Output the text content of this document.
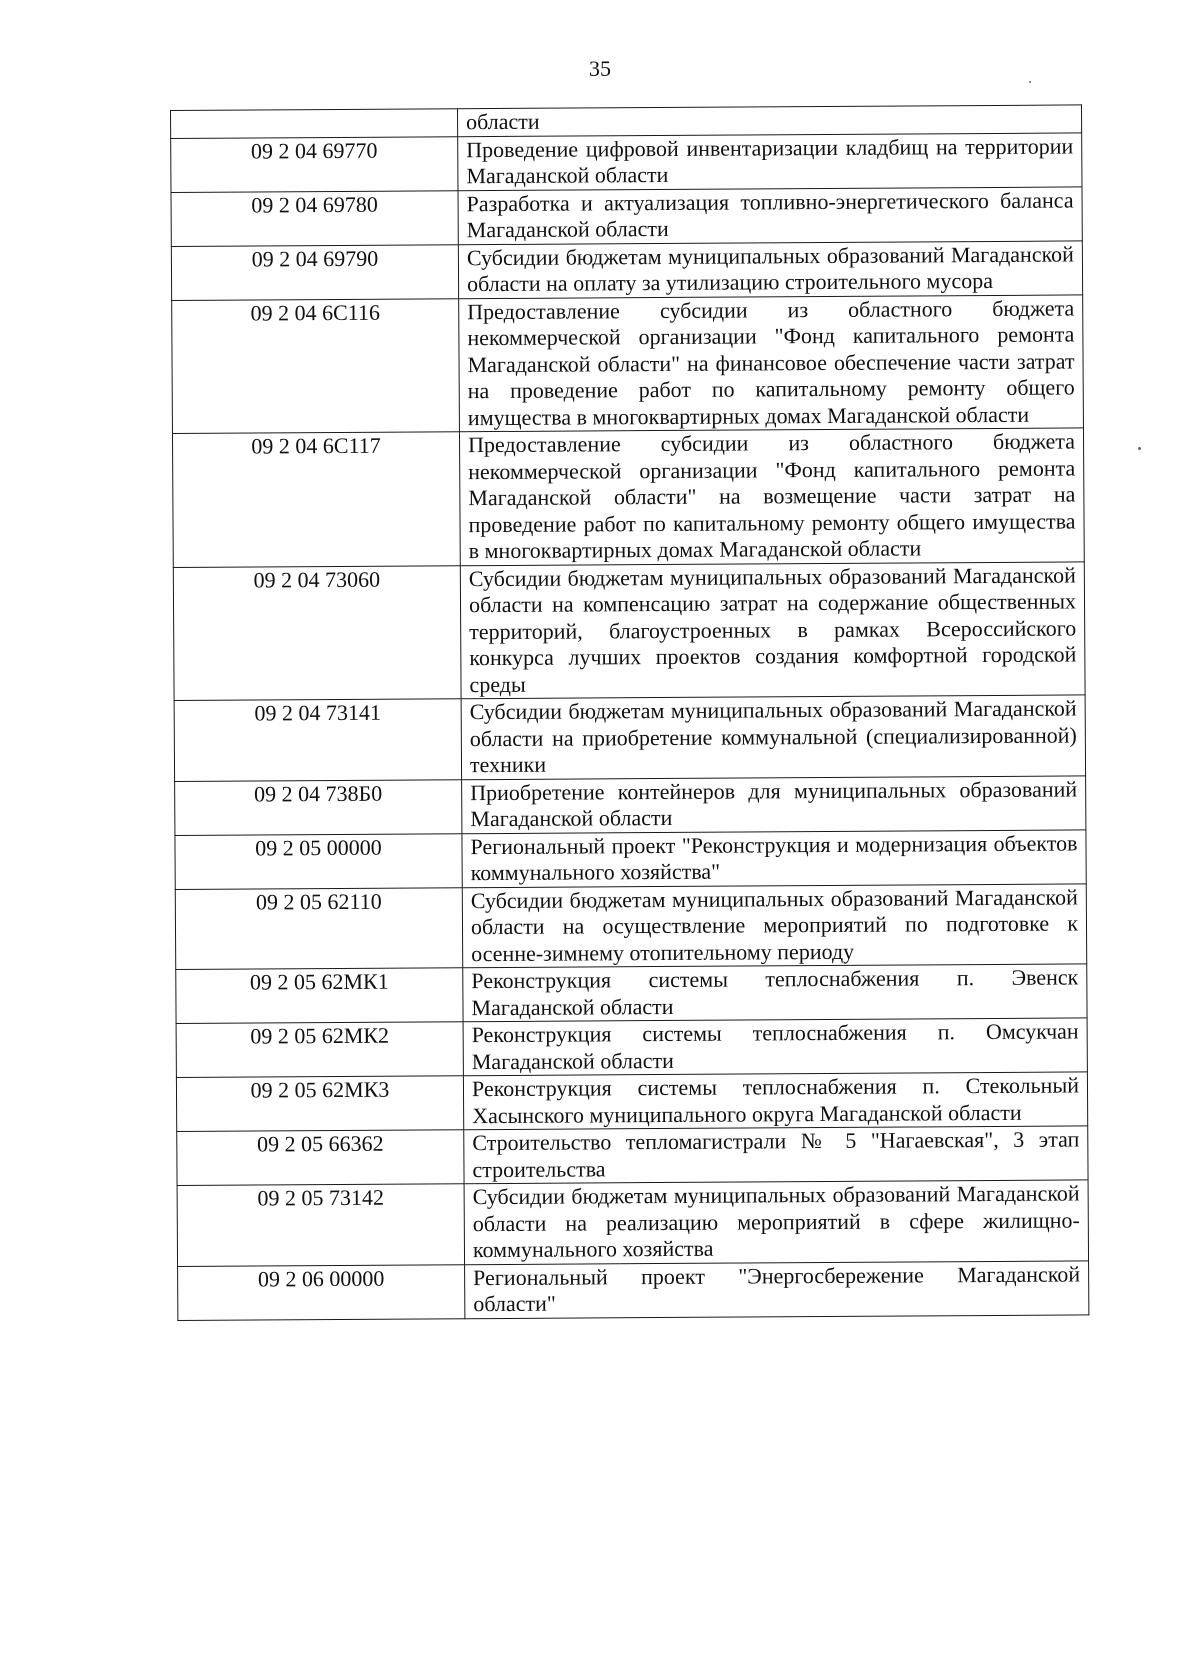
35
	области
09 2 04 69770	Проведение цифровой инвентаризации кладбищ на территории Магаданской области
09 2 04 69780	Разработка и актуализация топливно-энергетического баланса Магаданской области
09 2 04 69790	Субсидии бюджетам муниципальных образований Магаданской области на оплату за утилизацию строительного мусора
09 2 04 6С116	Предоставление субсидии из областного бюджета некоммерческой организации "Фонд капитального ремонта Магаданской области" на финансовое обеспечение части затрат на проведение работ по капитальному ремонту общего имущества в многоквартирных домах Магаданской области
09 2 04 6С117	Предоставление субсидии из областного бюджета некоммерческой организации "Фонд капитального ремонта Магаданской области" на возмещение части затрат на проведение работ по капитальному ремонту общего имущества в многоквартирных домах Магаданской области
09 2 04 73060	Субсидии бюджетам муниципальных образований Магаданской области на компенсацию затрат на содержание общественных территорий, благоустроенных в рамках Всероссийского конкурса лучших проектов создания комфортной городской среды
09 2 04 73141	Субсидии бюджетам муниципальных образований Магаданской области на приобретение коммунальной (специализированной) техники
09 2 04 738Б0	Приобретение контейнеров для муниципальных образований Магаданской области
09 2 05 00000	Региональный проект "Реконструкция и модернизация объектов коммунального хозяйства"
09 2 05 62110	Субсидии бюджетам муниципальных образований Магаданской области на осуществление мероприятий по подготовке к осенне-зимнему отопительному периоду
09 2 05 62МК1	Реконструкция системы теплоснабжения п. Эвенск Магаданской области
09 2 05 62МК2	Реконструкция системы теплоснабжения п. Омсукчан Магаданской области
09 2 05 62МК3	Реконструкция системы теплоснабжения п. Стекольный Хасынского муниципального округа Магаданской области
09 2 05 66362	Строительство тепломагистрали № 5 "Нагаевская", 3 этап строительства
09 2 05 73142	Субсидии бюджетам муниципальных образований Магаданской области на реализацию мероприятий в сфере жилищно-коммунального хозяйства
09 2 06 00000	Региональный проект "Энергосбережение Магаданской области"
